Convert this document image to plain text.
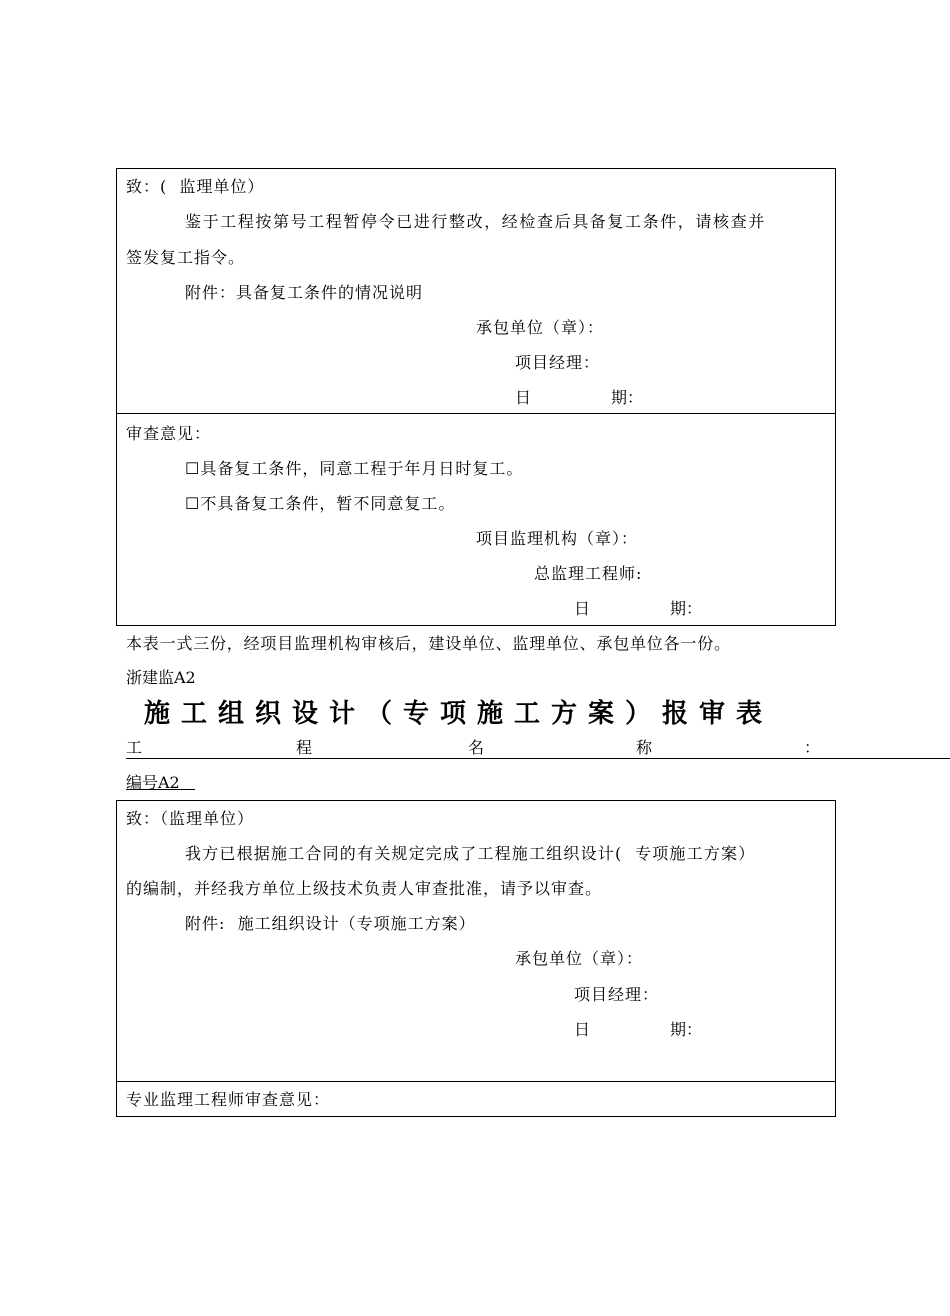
致：(  监理单位）
鉴于工程按第号工程暂停令已进行整改，经检查后具备复工条件，请核查并
签发复工指令。
附件：具备复工条件的情况说明
承包单位（章）：
项目经理：
日	期：
审查意见：
☐具备复工条件，同意工程于年月日时复工。
☐不具备复工条件，暂不同意复工。
项目监理机构（章）：
总监理工程师:
日	期：
本表一式三份，经项目监理机构审核后，建设单位、监理单位、承包单位各一份。
浙建监A2
施工组织设计（专项施工方案）报审表
工	程	名	称	：
编号A2
致：（监理单位）
我方已根据施工合同的有关规定完成了工程施工组织设计(  专项施工方案）
的编制，并经我方单位上级技术负责人审查批准，请予以审查。
附件:  施工组织设计（专项施工方案）
承包单位（章）：
项目经理：
日	期：
专业监理工程师审查意见：
